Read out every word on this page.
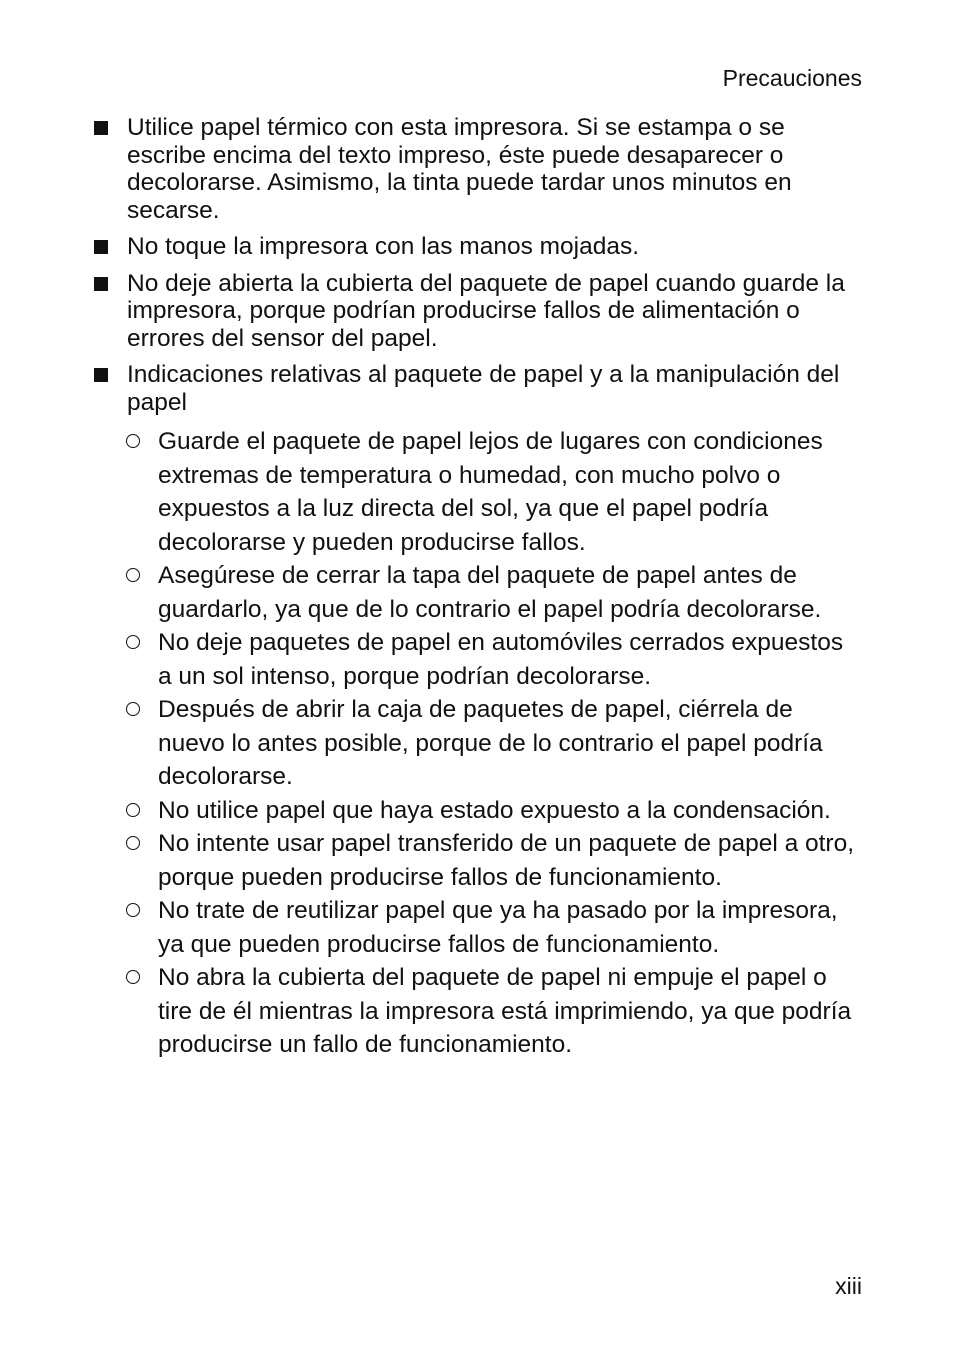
Precauciones
Utilice papel térmico con esta impresora. Si se estampa o se escribe encima del texto impreso, éste puede desaparecer o decolorarse. Asimismo, la tinta puede tardar unos minutos en secarse.
No toque la impresora con las manos mojadas.
No deje abierta la cubierta del paquete de papel cuando guarde la impresora, porque podrían producirse fallos de alimentación o errores del sensor del papel.
Indicaciones relativas al paquete de papel y a la manipulación del papel
Guarde el paquete de papel lejos de lugares con condiciones extremas de temperatura o humedad, con mucho polvo o expuestos a la luz directa del sol, ya que el papel podría decolorarse y pueden producirse fallos.
Asegúrese de cerrar la tapa del paquete de papel antes de guardarlo, ya que de lo contrario el papel podría decolorarse.
No deje paquetes de papel en automóviles cerrados expuestos a un sol intenso, porque podrían decolorarse.
Después de abrir la caja de paquetes de papel, ciérrela de nuevo lo antes posible, porque de lo contrario el papel podría decolorarse.
No utilice papel que haya estado expuesto a la condensación.
No intente usar papel transferido de un paquete de papel a otro, porque pueden producirse fallos de funcionamiento.
No trate de reutilizar papel que ya ha pasado por la impresora, ya que pueden producirse fallos de funcionamiento.
No abra la cubierta del paquete de papel ni empuje el papel o tire de él mientras la impresora está imprimiendo, ya que podría producirse un fallo de funcionamiento.
xiii
